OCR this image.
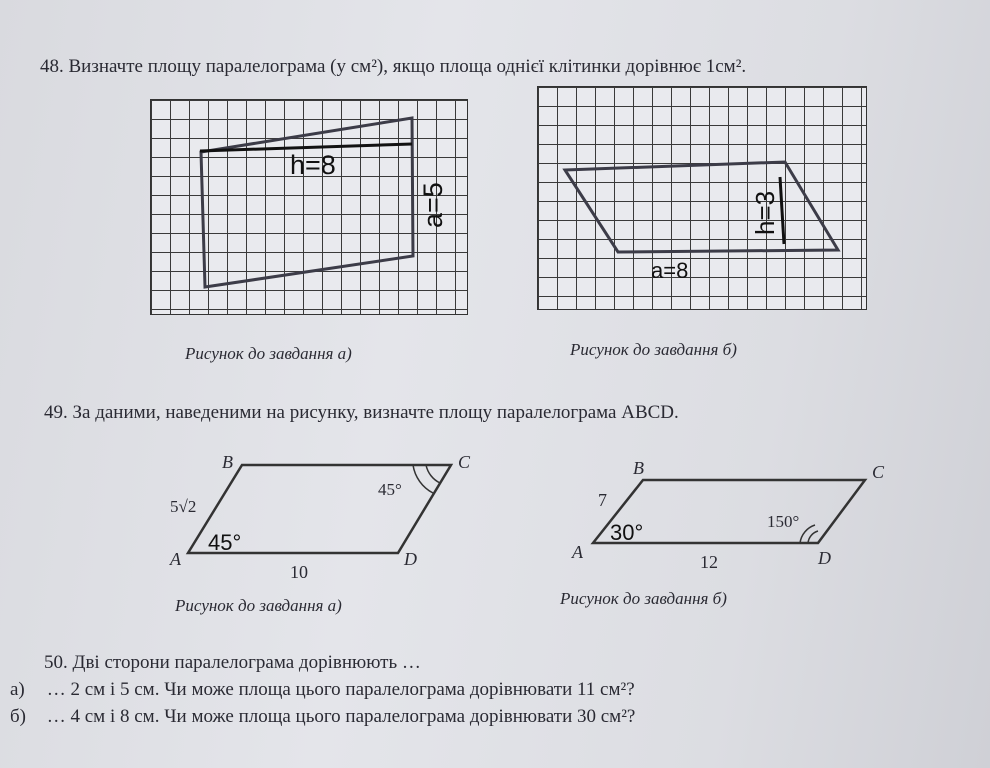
48. Визначте площу паралелограма (у см²), якщо площа однієї клітинки дорівнює 1см².
h=8
a=5
Рисунок до завдання а)
h=3
a=8
Рисунок до завдання б)
49. За даними, наведеними на рисунку, визначте площу паралелограма ABCD.
B	C
A	D
5√2
45°
45°
10
Рисунок до завдання а)
B	C
A	D
7
30°	150°
12
Рисунок до завдання б)
50. Дві сторони паралелограма дорівнюють …
а) … 2 см і 5 см. Чи може площа цього паралелограма дорівнювати 11 см²?
б) … 4 см і 8 см. Чи може площа цього паралелограма дорівнювати 30 см²?
